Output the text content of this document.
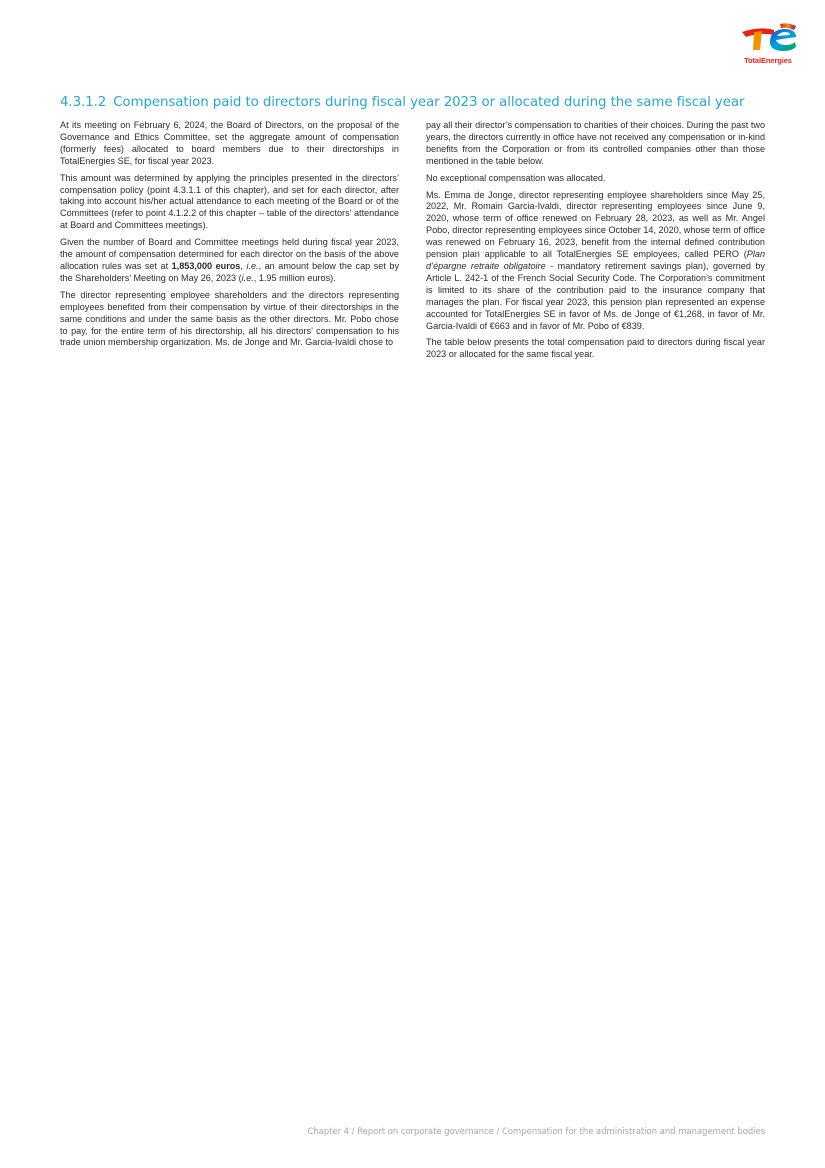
TotalEnergies
4.3.1.2 Compensation paid to directors during fiscal year 2023 or allocated during the same fiscal year

At its meeting on February 6, 2024, the Board of Directors, on the proposal of the Governance and Ethics Committee, set the aggregate amount of compensation (formerly fees) allocated to board members due to their directorships in TotalEnergies SE, for fiscal year 2023.

This amount was determined by applying the principles presented in the directors’ compensation policy (point 4.3.1.1 of this chapter), and set for each director, after taking into account his/her actual attendance to each meeting of the Board or of the Committees (refer to point 4.1.2.2 of this chapter – table of the directors’ attendance at Board and Committees meetings).

Given the number of Board and Committee meetings held during fiscal year 2023, the amount of compensation determined for each director on the basis of the above allocation rules was set at 1,853,000 euros, i.e., an amount below the cap set by the Shareholders’ Meeting on May 26, 2023 (i.e., 1.95 million euros).

The director representing employee shareholders and the directors representing employees benefited from their compensation by virtue of their directorships in the same conditions and under the same basis as the other directors. Mr. Pobo chose to pay, for the entire term of his directorship, all his directors’ compensation to his trade union membership organization. Ms. de Jonge and Mr. Garcia-Ivaldi chose to

pay all their director’s compensation to charities of their choices. During the past two years, the directors currently in office have not received any compensation or in-kind benefits from the Corporation or from its controlled companies other than those mentioned in the table below.

No exceptional compensation was allocated.

Ms. Emma de Jonge, director representing employee shareholders since May 25, 2022, Mr. Romain Garcia-Ivaldi, director representing employees since June 9, 2020, whose term of office renewed on February 28, 2023, as well as Mr. Angel Pobo, director representing employees since October 14, 2020, whose term of office was renewed on February 16, 2023, benefit from the internal defined contribution pension plan applicable to all TotalEnergies SE employees, called PERO (Plan d’épargne retraite obligatoire - mandatory retirement savings plan), governed by Article L. 242-1 of the French Social Security Code. The Corporation’s commitment is limited to its share of the contribution paid to the insurance company that manages the plan. For fiscal year 2023, this pension plan represented an expense accounted for TotalEnergies SE in favor of Ms. de Jonge of €1,268, in favor of Mr. Garcia-Ivaldi of €663 and in favor of Mr. Pobo of €839.

The table below presents the total compensation paid to directors during fiscal year 2023 or allocated for the same fiscal year.

Chapter 4 / Report on corporate governance / Compensation for the administration and management bodies
